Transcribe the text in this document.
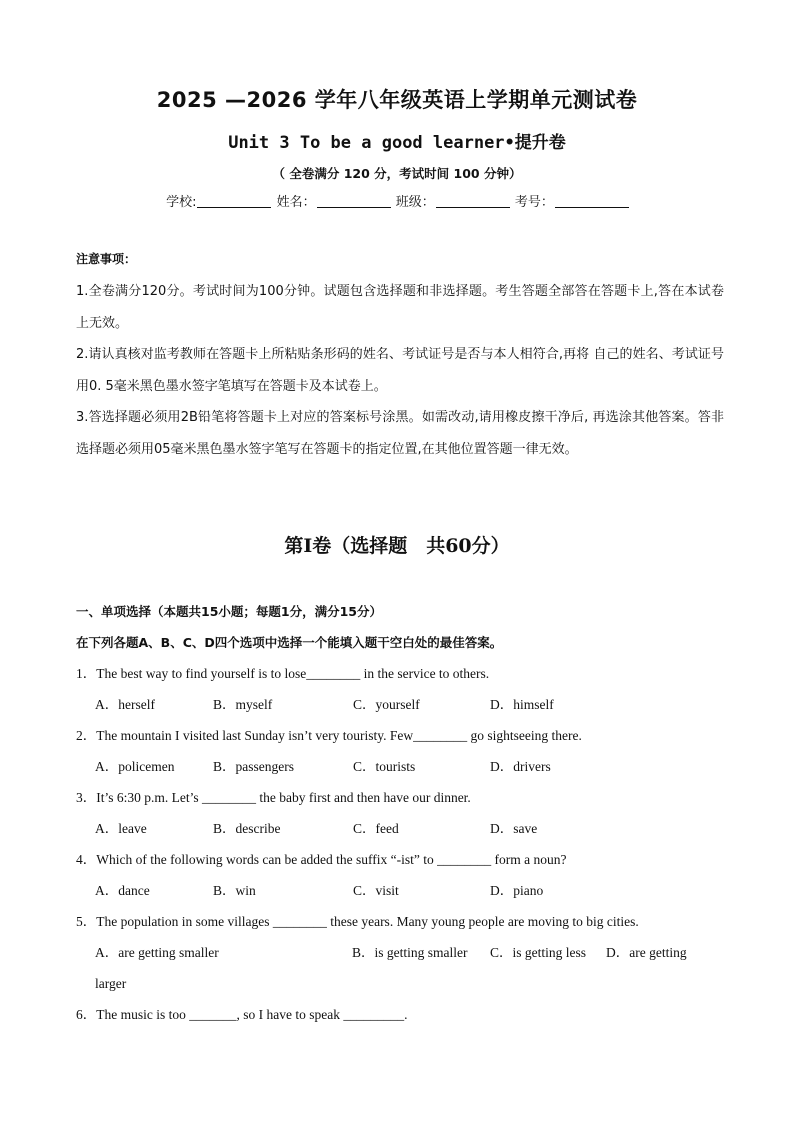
2025 —2026 学年八年级英语上学期单元测试卷
Unit 3 To be a good learner•提升卷
（ 全卷满分 120 分，考试时间 100 分钟）
学校:	姓名：	班级：	考号：
注意事项：

1.全卷满分120分。考试时间为100分钟。试题包含选择题和非选择题。考生答题全部答在答题卡上,答在本试卷上无效。

2.请认真核对监考教师在答题卡上所粘贴条形码的姓名、考试证号是否与本人相符合,再将 自己的姓名、考试证号用0. 5毫米黑色墨水签字笔填写在答题卡及本试卷上。

3.答选择题必须用2B铅笔将答题卡上对应的答案标号涂黑。如需改动,请用橡皮擦干净后, 再选涂其他答案。答非选择题必须用05毫米黑色墨水签字笔写在答题卡的指定位置,在其他位置答题一律无效。

第Ⅰ卷（选择题　共60分）
一、单项选择（本题共15小题；每题1分，满分15分）
在下列各题A、B、C、D四个选项中选择一个能填入题干空白处的最佳答案。
1．The best way to find yourself is to lose________ in the service to others.
A．herself	B．myself	C．yourself	D．himself
2．The mountain I visited last Sunday isn’t very touristy. Few________ go sightseeing there.
A．policemen	B．passengers	C．tourists	D．drivers
3．It’s 6:30 p.m. Let’s ________ the baby first and then have our dinner.
A．leave	B．describe	C．feed	D．save
4．Which of the following words can be added the suffix “-ist” to ________ form a noun?
A．dance	B．win	C．visit	D．piano
5．The population in some villages ________ these years. Many young people are moving to big cities.
A．are getting smaller	B．is getting smaller C．is getting less D．are getting
larger
6．The music is too _______, so I have to speak _________.
